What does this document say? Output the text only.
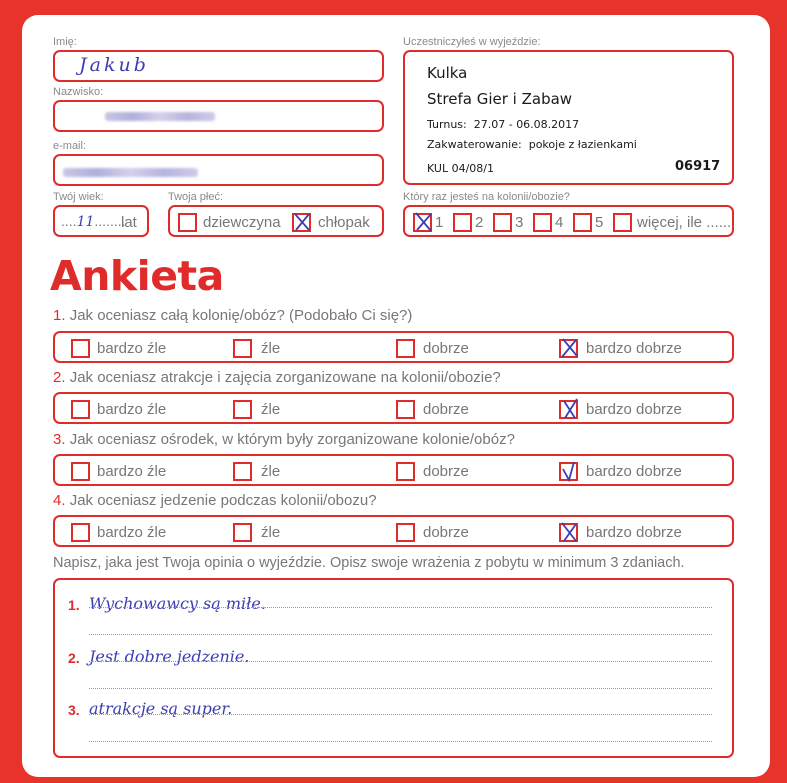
Imię:
Jakub
Nazwisko:
e-mail:
Twój wiek:
....11........
lat
Twoja płeć:
dziewczyna chłopak
Uczestniczyłeś w wyjeździe:
Kulka
Strefa Gier i Zabaw
Turnus: 27.07 - 06.08.2017
Zakwaterowanie: pokoje z łazienkami
KUL 04/08/1	06917
Który raz jesteś na kolonii/obozie?
1 2 3 4 5 więcej, ile .......
Ankieta
1. Jak oceniasz całą kolonię/obóz? (Podobało Ci się?)
bardzo źle	źle	dobrze	bardzo dobrze
2. Jak oceniasz atrakcje i zajęcia zorganizowane na kolonii/obozie?
bardzo źle	źle	dobrze	bardzo dobrze
3. Jak oceniasz ośrodek, w którym były zorganizowane kolonie/obóz?
bardzo źle	źle	dobrze	bardzo dobrze
4. Jak oceniasz jedzenie podczas kolonii/obozu?
bardzo źle	źle	dobrze	bardzo dobrze
Napisz, jaka jest Twoja opinia o wyjeździe. Opisz swoje wrażenia z pobytu w minimum 3 zdaniach.
1. Wychowawcy są miłe.
2. Jest dobre jedzenie.
3. atrakcje są super.
